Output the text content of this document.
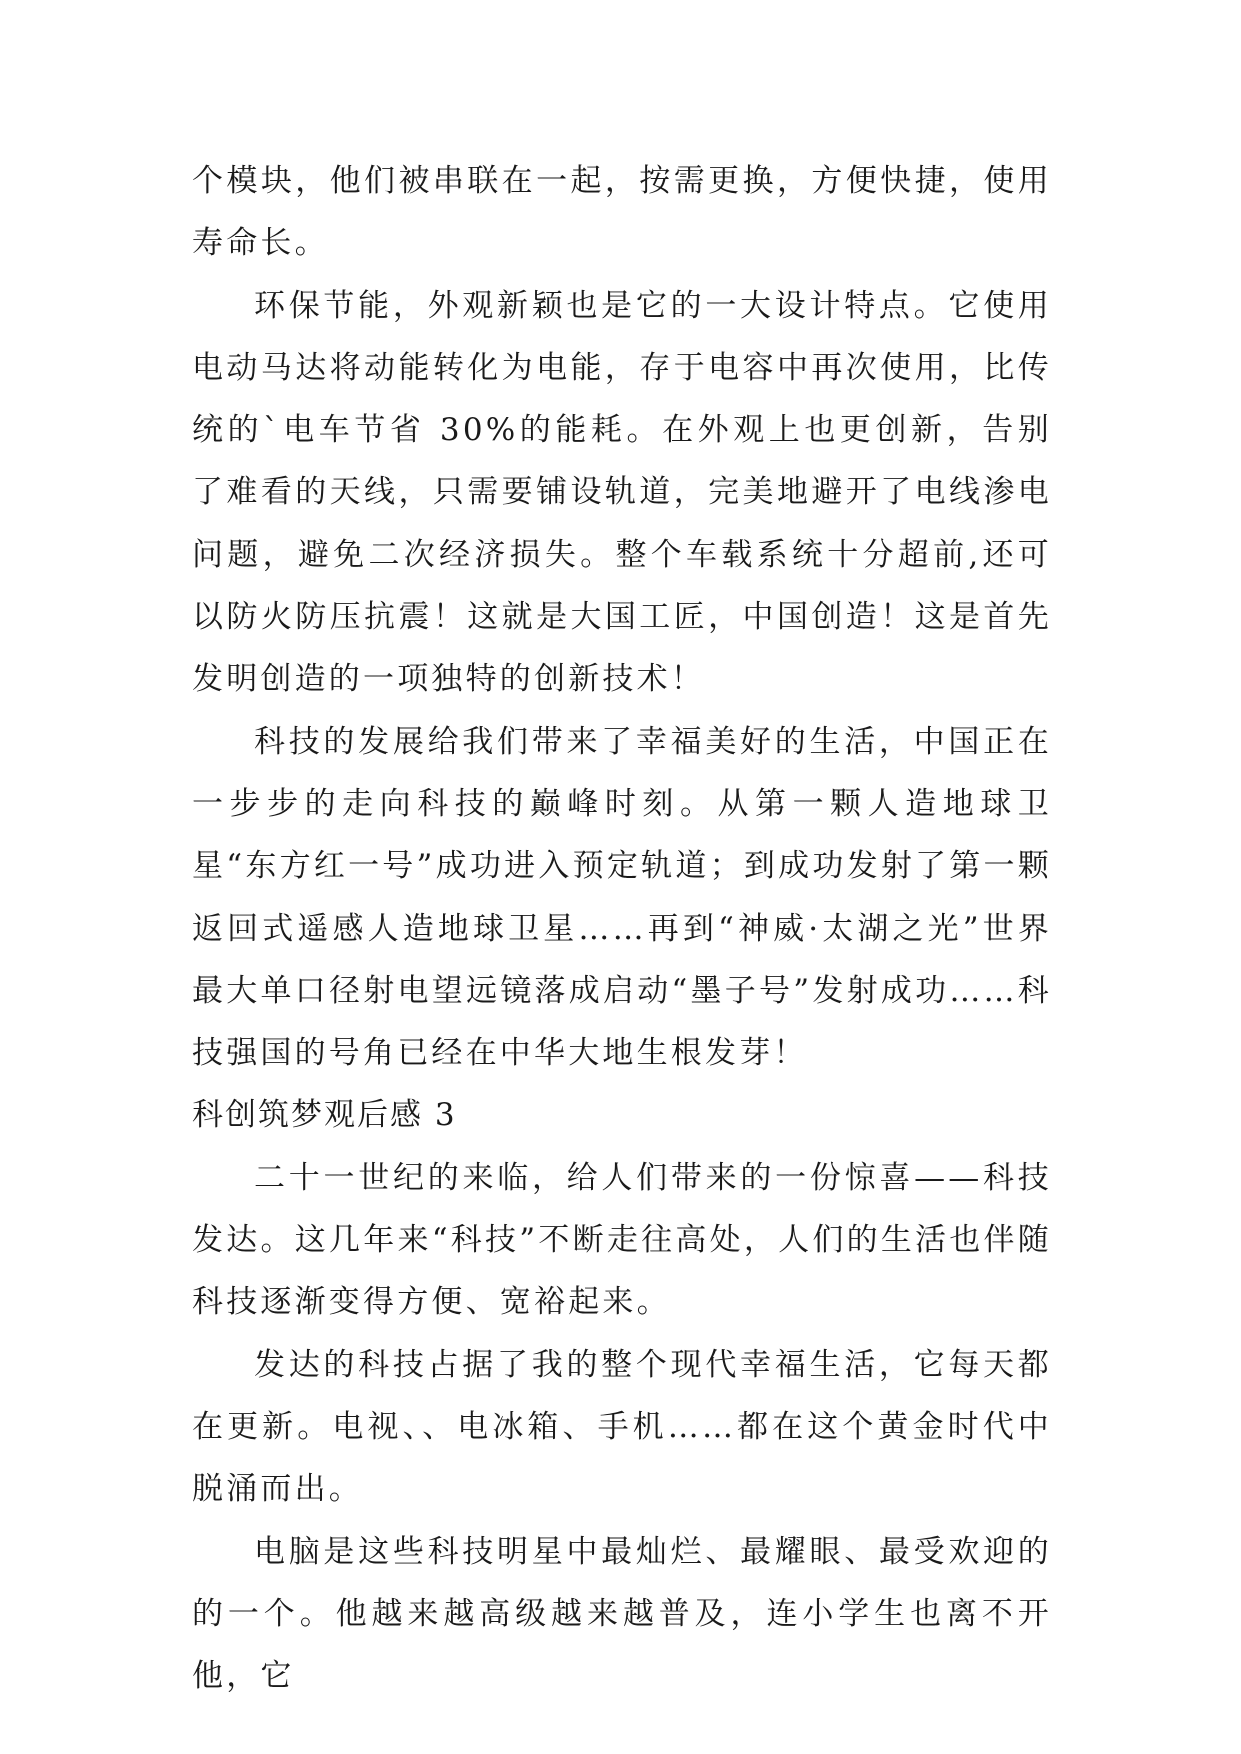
个模块，他们被串联在一起，按需更换，方便快捷，使用寿命长。

环保节能，外观新颖也是它的一大设计特点。它使用电动马达将动能转化为电能，存于电容中再次使用，比传统的`电车节省 30%的能耗。在外观上也更创新，告别了难看的天线，只需要铺设轨道，完美地避开了电线渗电问题，避免二次经济损失。整个车载系统十分超前,还可以防火防压抗震！这就是大国工匠，中国创造！这是首先发明创造的一项独特的创新技术！

科技的发展给我们带来了幸福美好的生活，中国正在一步步的走向科技的巅峰时刻。从第一颗人造地球卫星“东方红一号”成功进入预定轨道；到成功发射了第一颗返回式遥感人造地球卫星……再到“神威·太湖之光”世界最大单口径射电望远镜落成启动“墨子号”发射成功……科技强国的号角已经在中华大地生根发芽！

科创筑梦观后感 3

二十一世纪的来临，给人们带来的一份惊喜——科技发达。这几年来“科技”不断走往高处，人们的生活也伴随科技逐渐变得方便、宽裕起来。

发达的科技占据了我的整个现代幸福生活，它每天都在更新。电视、、电冰箱、手机……都在这个黄金时代中脱涌而出。

电脑是这些科技明星中最灿烂、最耀眼、最受欢迎的的一个。他越来越高级越来越普及，连小学生也离不开他，它
